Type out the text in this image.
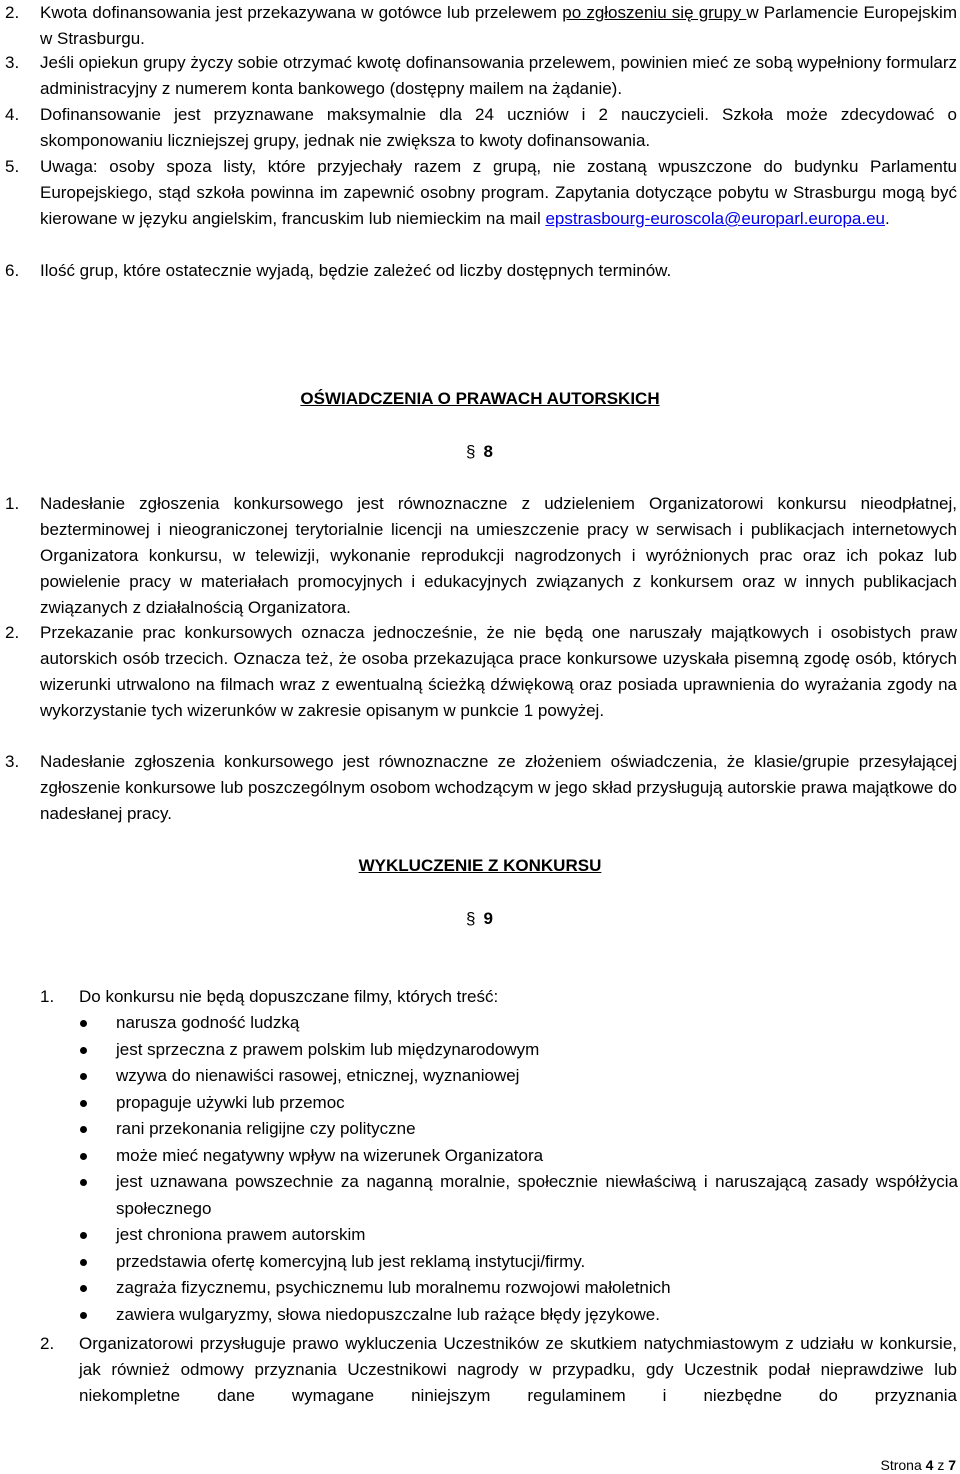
2.	Kwota dofinansowania jest przekazywana w gotówce lub przelewem po zgłoszeniu się grupy w Parlamencie Europejskim w Strasburgu.
3.	Jeśli opiekun grupy życzy sobie otrzymać kwotę dofinansowania przelewem, powinien mieć ze sobą wypełniony formularz administracyjny z numerem konta bankowego (dostępny mailem na żądanie).
4.	Dofinansowanie jest przyznawane maksymalnie dla 24 uczniów i 2 nauczycieli. Szkoła może zdecydować o skomponowaniu liczniejszej grupy, jednak nie zwiększa to kwoty dofinansowania.
5.	Uwaga: osoby spoza listy, które przyjechały razem z grupą, nie zostaną wpuszczone do budynku Parlamentu Europejskiego, stąd szkoła powinna im zapewnić osobny program. Zapytania dotyczące pobytu w Strasburgu mogą być kierowane w języku angielskim, francuskim lub niemieckim na mail epstrasbourg-euroscola@europarl.europa.eu.
6.	Ilość grup, które ostatecznie wyjadą, będzie zależeć od liczby dostępnych terminów.
OŚWIADCZENIA O PRAWACH AUTORSKICH
§ 8
1.	Nadesłanie zgłoszenia konkursowego jest równoznaczne z udzieleniem Organizatorowi konkursu nieodpłatnej, bezterminowej i nieograniczonej terytorialnie licencji na umieszczenie pracy w serwisach i publikacjach internetowych Organizatora konkursu, w telewizji, wykonanie reprodukcji nagrodzonych i wyróżnionych prac oraz ich pokaz lub powielenie pracy w materiałach promocyjnych i edukacyjnych związanych z konkursem oraz w innych publikacjach związanych z działalnością Organizatora.
2.	Przekazanie prac konkursowych oznacza jednocześnie, że nie będą one naruszały majątkowych i osobistych praw autorskich osób trzecich. Oznacza też, że osoba przekazująca prace konkursowe uzyskała pisemną zgodę osób, których wizerunki utrwalono na filmach wraz z ewentualną ścieżką dźwiękową oraz posiada uprawnienia do wyrażania zgody na wykorzystanie tych wizerunków w zakresie opisanym w punkcie 1 powyżej.
3.	Nadesłanie zgłoszenia konkursowego jest równoznaczne ze złożeniem oświadczenia, że klasie/grupie przesyłającej zgłoszenie konkursowe lub poszczególnym osobom wchodzącym w jego skład przysługują autorskie prawa majątkowe do nadesłanej pracy.
WYKLUCZENIE Z KONKURSU
§ 9
1.	Do konkursu nie będą dopuszczane filmy, których treść:
narusza godność ludzką
jest sprzeczna z prawem polskim lub międzynarodowym
wzywa do nienawiści rasowej, etnicznej, wyznaniowej
propaguje używki lub przemoc
rani przekonania religijne czy polityczne
może mieć negatywny wpływ na wizerunek Organizatora
jest uznawana powszechnie za naganną moralnie, społecznie niewłaściwą i naruszającą zasady współżycia społecznego
jest chroniona prawem autorskim
przedstawia ofertę komercyjną lub jest reklamą instytucji/firmy.
zagraża fizycznemu, psychicznemu lub moralnemu rozwojowi małoletnich
zawiera wulgaryzmy, słowa niedopuszczalne lub rażące błędy językowe.
2.	Organizatorowi przysługuje prawo wykluczenia Uczestników ze skutkiem natychmiastowym z udziału w konkursie, jak również odmowy przyznania Uczestnikowi nagrody w przypadku, gdy Uczestnik podał nieprawdziwe lub niekompletne dane wymagane niniejszym regulaminem i niezbędne do przyznania
Strona 4 z 7
